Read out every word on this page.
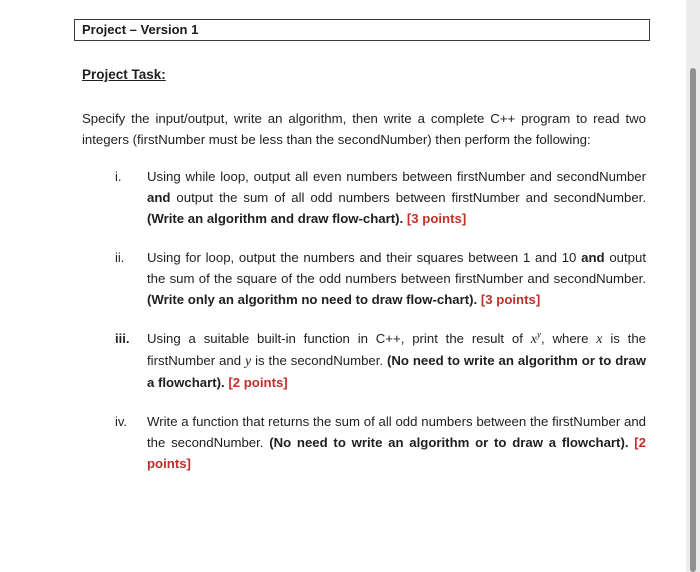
Project – Version 1

Project Task:

Specify the input/output, write an algorithm, then write a complete C++ program to read two integers (firstNumber must be less than the secondNumber) then perform the following:

i. Using while loop, output all even numbers between firstNumber and secondNumber and output the sum of all odd numbers between firstNumber and secondNumber. (Write an algorithm and draw flow-chart). [3 points]
ii. Using for loop, output the numbers and their squares between 1 and 10 and output the sum of the square of the odd numbers between firstNumber and secondNumber. (Write only an algorithm no need to draw flow-chart). [3 points]
iii. Using a suitable built-in function in C++, print the result of $x^y$, where x is the firstNumber and y is the secondNumber. (No need to write an algorithm or to draw a flowchart). [2 points]
iv. Write a function that returns the sum of all odd numbers between the firstNumber and the secondNumber. (No need to write an algorithm or to draw a flowchart). [2 points]
